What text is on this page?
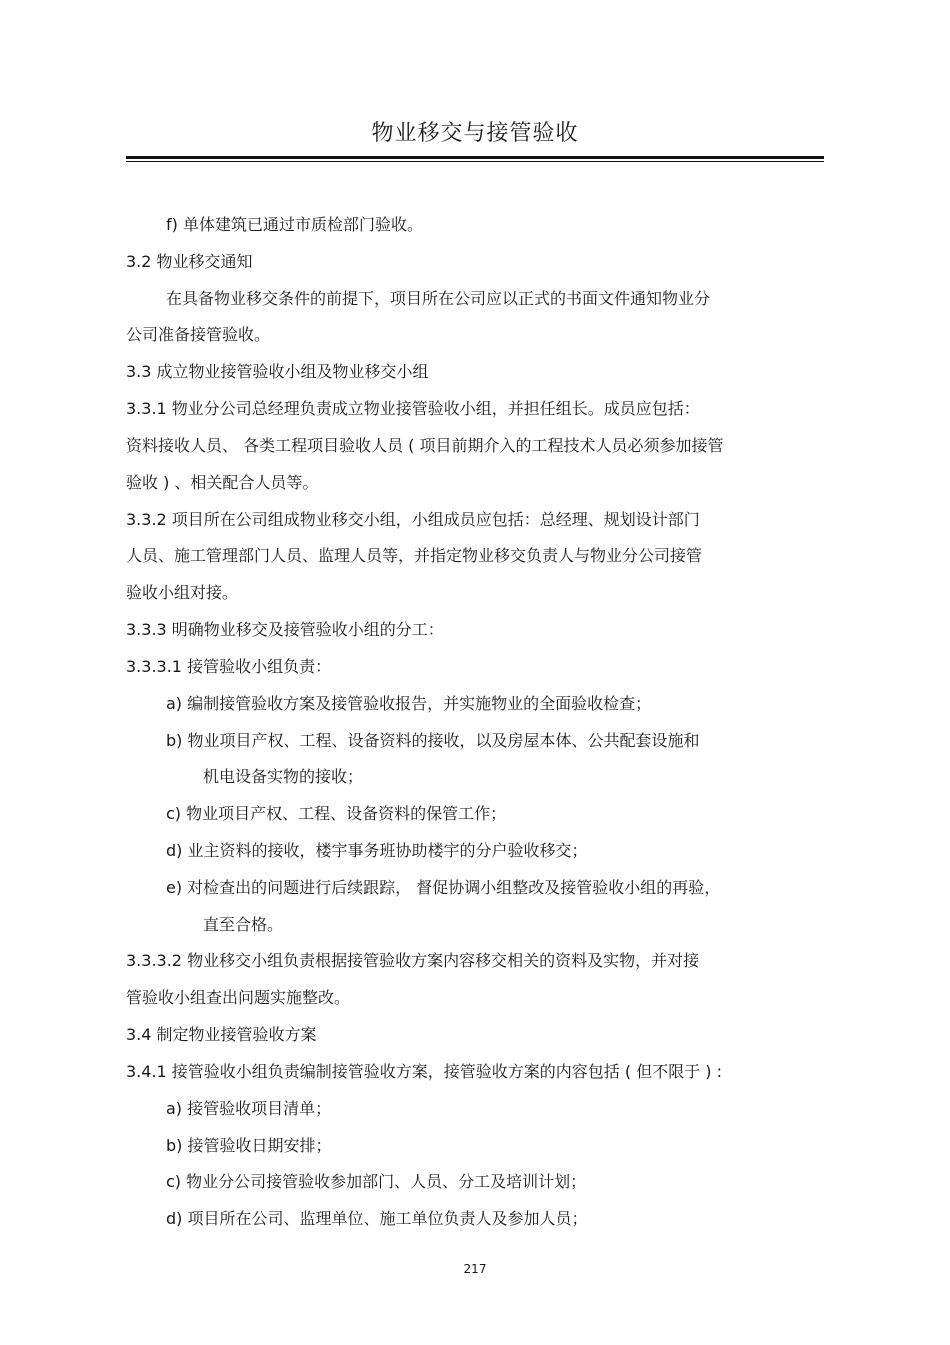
物业移交与接管验收
f) 单体建筑已通过市质检部门验收。
3.2 物业移交通知
在具备物业移交条件的前提下，项目所在公司应以正式的书面文件通知物业分
公司准备接管验收。
3.3 成立物业接管验收小组及物业移交小组
3.3.1 物业分公司总经理负责成立物业接管验收小组，并担任组长。成员应包括：
资料接收人员、 各类工程项目验收人员 ( 项目前期介入的工程技术人员必须参加接管
验收 ) 、相关配合人员等。
3.3.2 项目所在公司组成物业移交小组，小组成员应包括：总经理、规划设计部门
人员、施工管理部门人员、监理人员等，并指定物业移交负责人与物业分公司接管
验收小组对接。
3.3.3 明确物业移交及接管验收小组的分工：
3.3.3.1 接管验收小组负责：
a) 编制接管验收方案及接管验收报告，并实施物业的全面验收检查；
b) 物业项目产权、工程、设备资料的接收，以及房屋本体、公共配套设施和
机电设备实物的接收；
c) 物业项目产权、工程、设备资料的保管工作；
d) 业主资料的接收，楼宇事务班协助楼宇的分户验收移交；
e) 对检查出的问题进行后续跟踪， 督促协调小组整改及接管验收小组的再验，
直至合格。
3.3.3.2 物业移交小组负责根据接管验收方案内容移交相关的资料及实物，并对接
管验收小组查出问题实施整改。
3.4 制定物业接管验收方案
3.4.1 接管验收小组负责编制接管验收方案，接管验收方案的内容包括 ( 但不限于 ) :
a) 接管验收项目清单；
b) 接管验收日期安排；
c) 物业分公司接管验收参加部门、人员、分工及培训计划；
d) 项目所在公司、监理单位、施工单位负责人及参加人员；
217
